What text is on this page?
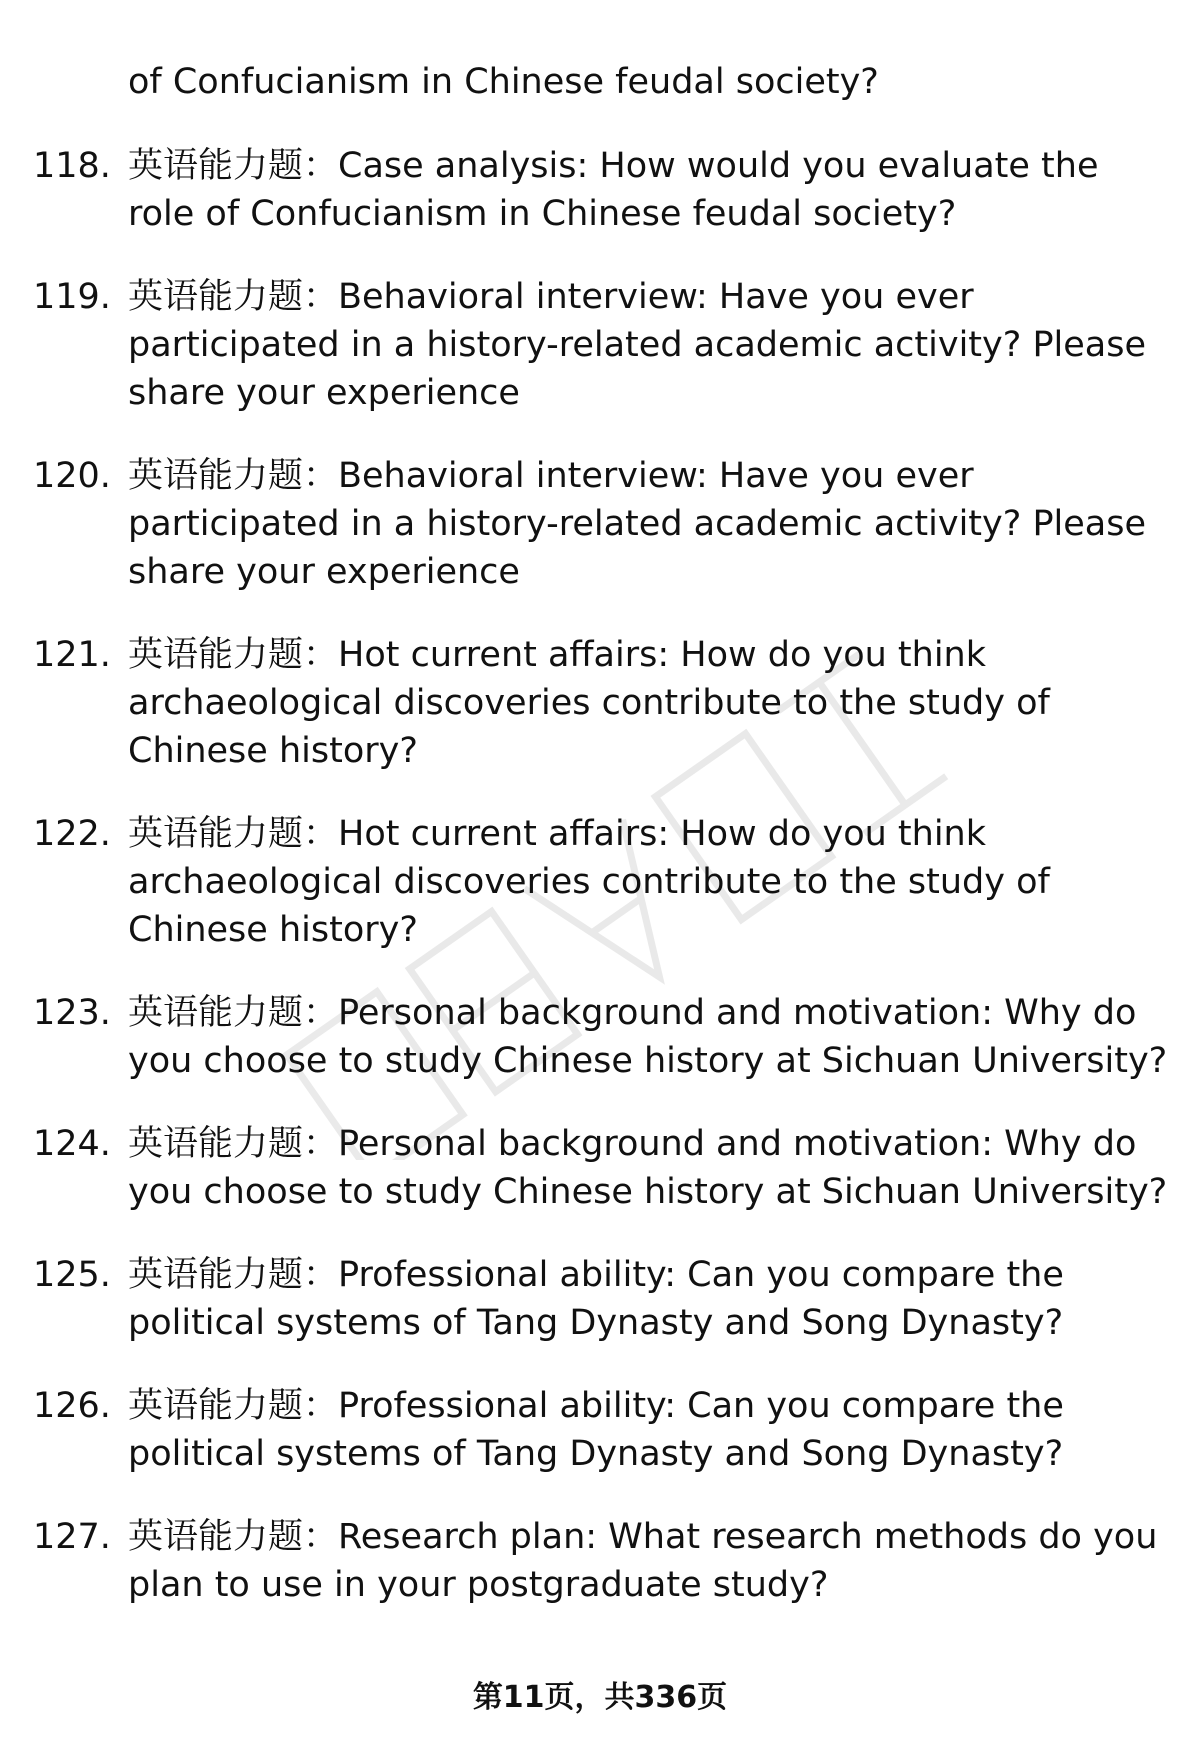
of Confucianism in Chinese feudal society?
118. 英语能力题：Case analysis: How would you evaluate the role of Confucianism in Chinese feudal society?
119. 英语能力题：Behavioral interview: Have you ever participated in a history-related academic activity? Please share your experience
120. 英语能力题：Behavioral interview: Have you ever participated in a history-related academic activity? Please share your experience
121. 英语能力题：Hot current affairs: How do you think archaeological discoveries contribute to the study of Chinese history?
122. 英语能力题：Hot current affairs: How do you think archaeological discoveries contribute to the study of Chinese history?
123. 英语能力题：Personal background and motivation: Why do you choose to study Chinese history at Sichuan University?
124. 英语能力题：Personal background and motivation: Why do you choose to study Chinese history at Sichuan University?
125. 英语能力题：Professional ability: Can you compare the political systems of Tang Dynasty and Song Dynasty?
126. 英语能力题：Professional ability: Can you compare the political systems of Tang Dynasty and Song Dynasty?
127. 英语能力题：Research plan: What research methods do you plan to use in your postgraduate study?
第11页，共336页
